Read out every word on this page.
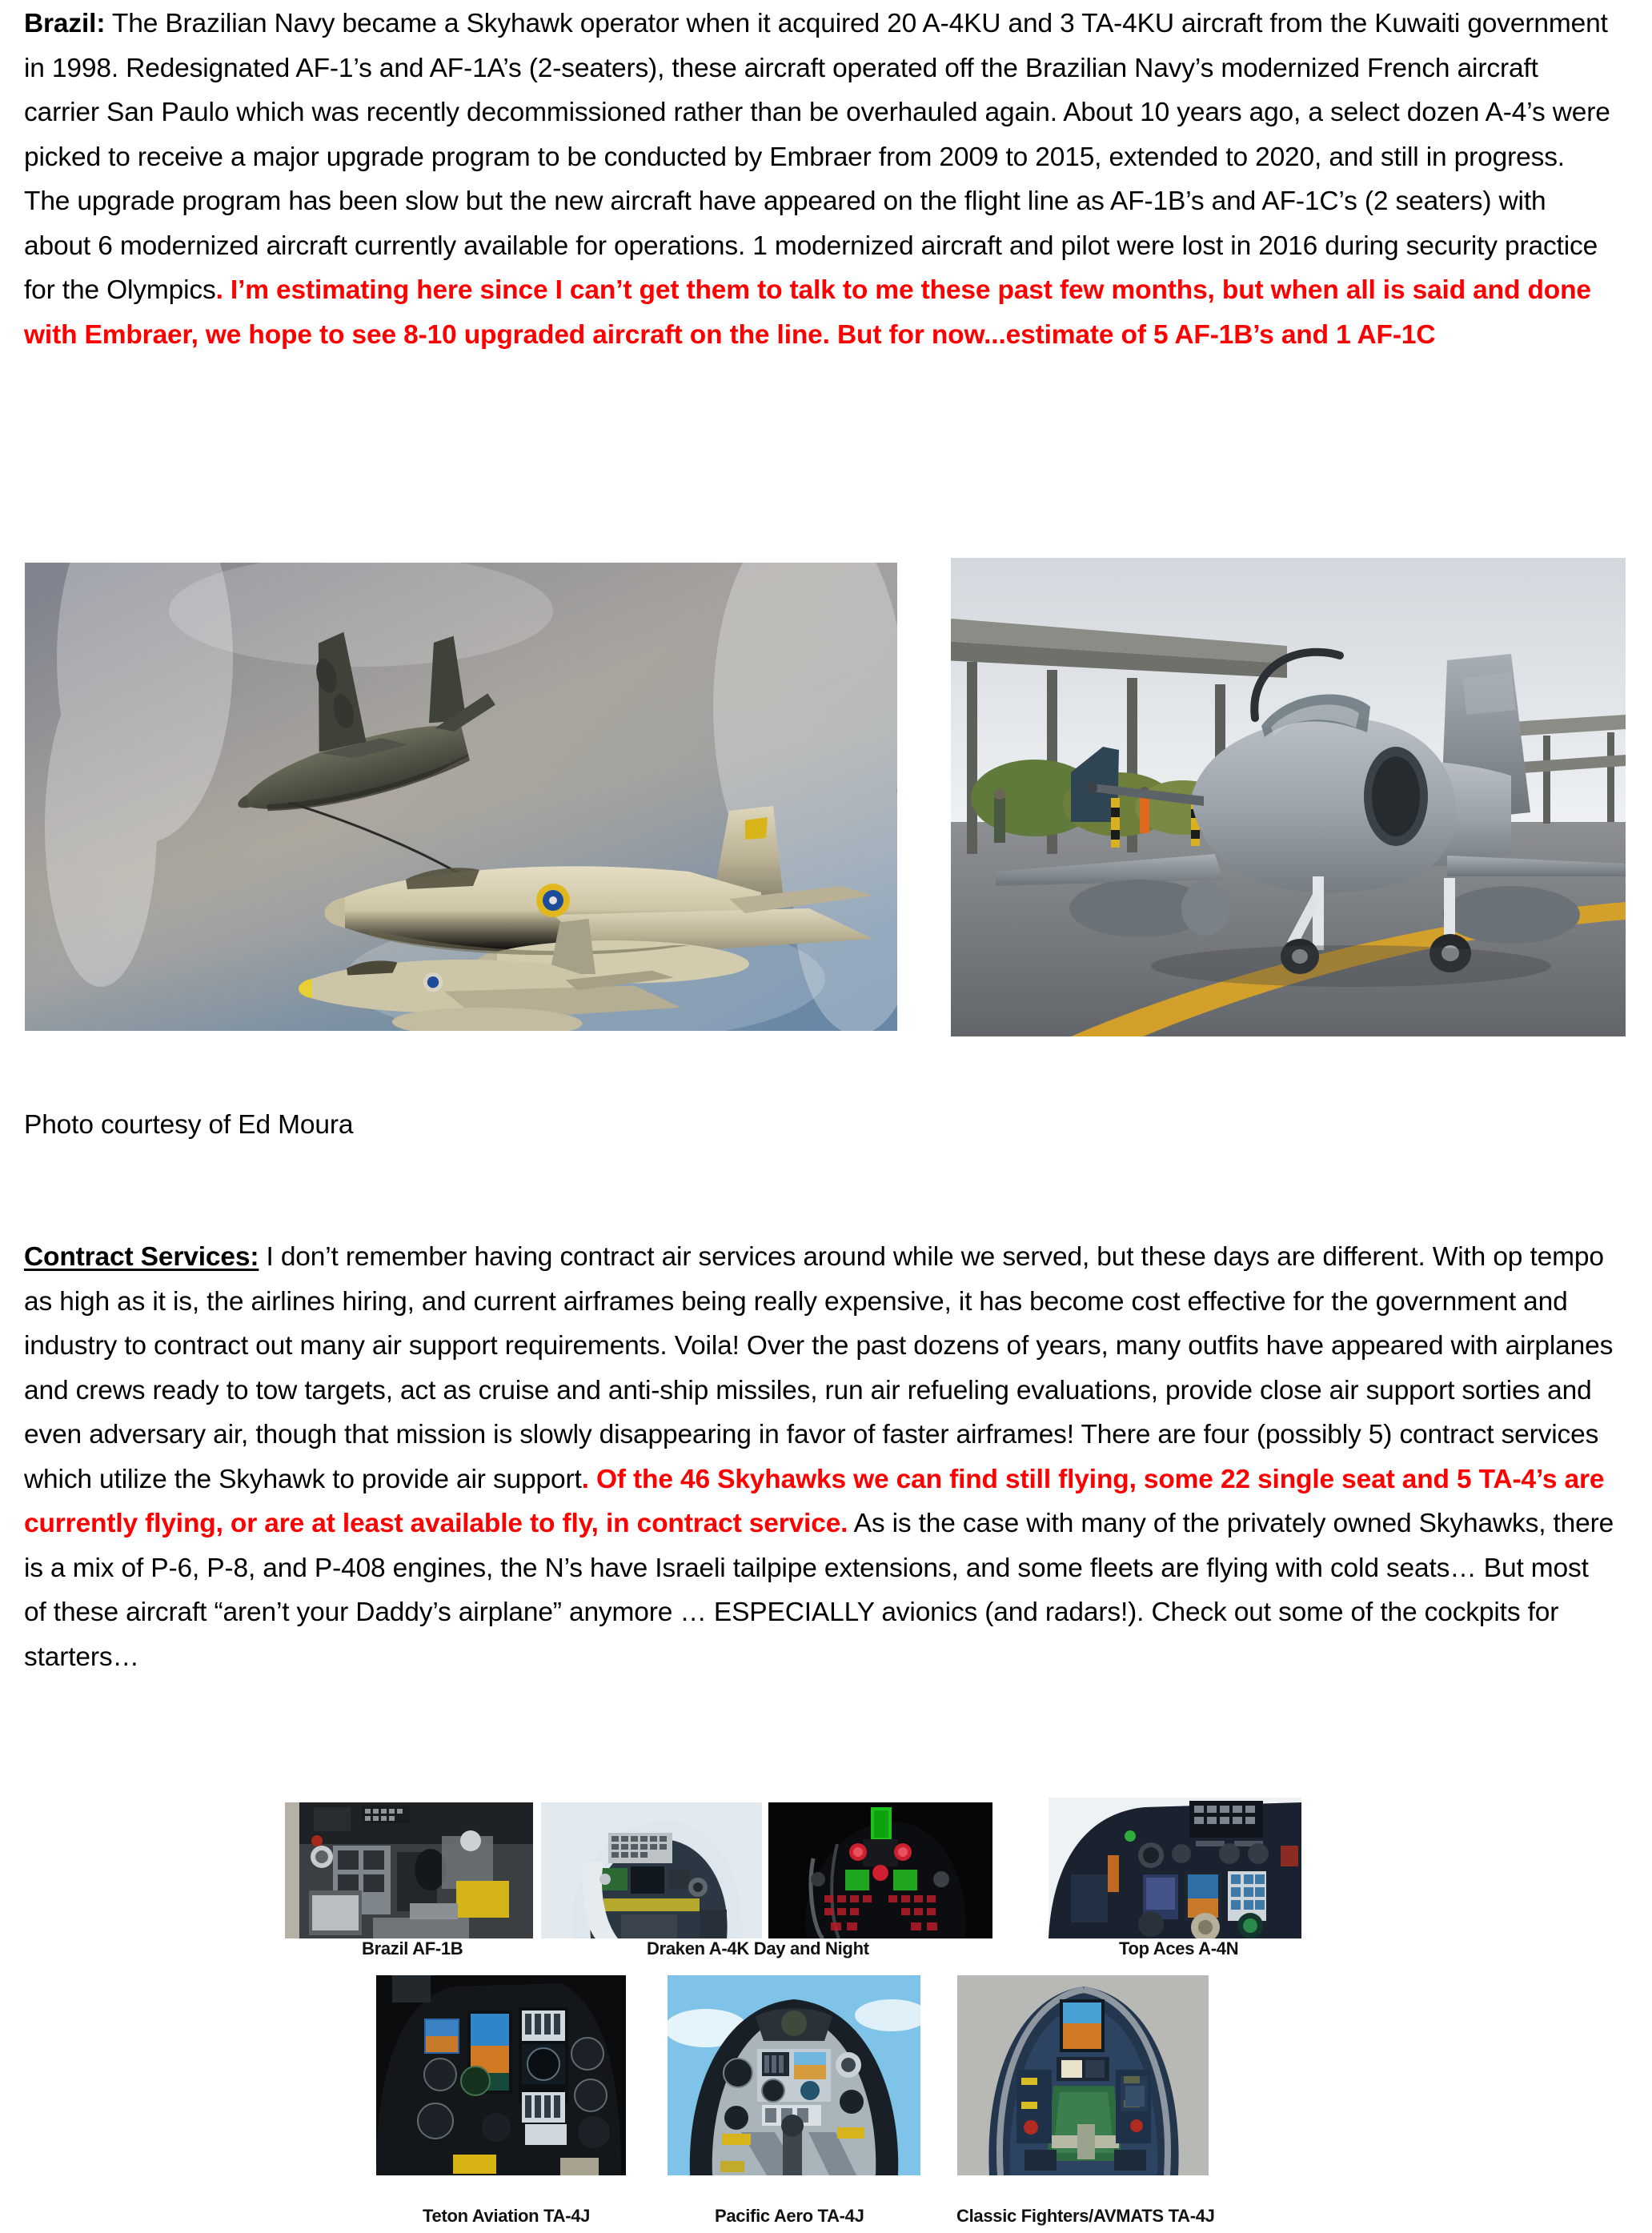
Brazil: The Brazilian Navy became a Skyhawk operator when it acquired 20 A-4KU and 3 TA-4KU aircraft from the Kuwaiti government in 1998. Redesignated AF-1’s and AF-1A’s (2-seaters), these aircraft operated off the Brazilian Navy’s modernized French aircraft carrier San Paulo which was recently decommissioned rather than be overhauled again. About 10 years ago, a select dozen A-4’s were picked to receive a major upgrade program to be conducted by Embraer from 2009 to 2015, extended to 2020, and still in progress. The upgrade program has been slow but the new aircraft have appeared on the flight line as AF-1B’s and AF-1C’s (2 seaters) with about 6 modernized aircraft currently available for operations. 1 modernized aircraft and pilot were lost in 2016 during security practice for the Olympics. I’m estimating here since I can’t get them to talk to me these past few months, but when all is said and done with Embraer, we hope to see 8-10 upgraded aircraft on the line. But for now...estimate of 5 AF-1B’s and 1 AF-1C

Photo courtesy of Ed Moura

Contract Services: I don’t remember having contract air services around while we served, but these days are different. With op tempo as high as it is, the airlines hiring, and current airframes being really expensive, it has become cost effective for the government and industry to contract out many air support requirements. Voila! Over the past dozens of years, many outfits have appeared with airplanes and crews ready to tow targets, act as cruise and anti-ship missiles, run air refueling evaluations, provide close air support sorties and even adversary air, though that mission is slowly disappearing in favor of faster airframes! There are four (possibly 5) contract services which utilize the Skyhawk to provide air support. Of the 46 Skyhawks we can find still flying, some 22 single seat and 5 TA-4’s are currently flying, or are at least available to fly, in contract service. As is the case with many of the privately owned Skyhawks, there is a mix of P-6, P-8, and P-408 engines, the N’s have Israeli tailpipe extensions, and some fleets are flying with cold seats… But most of these aircraft “aren’t your Daddy’s airplane” anymore … ESPECIALLY avionics (and radars!). Check out some of the cockpits for starters…

Brazil AF-1B	Draken A-4K Day and Night	Top Aces A-4N
Teton Aviation TA-4J	Pacific Aero TA-4J	Classic Fighters/AVMATS TA-4J
